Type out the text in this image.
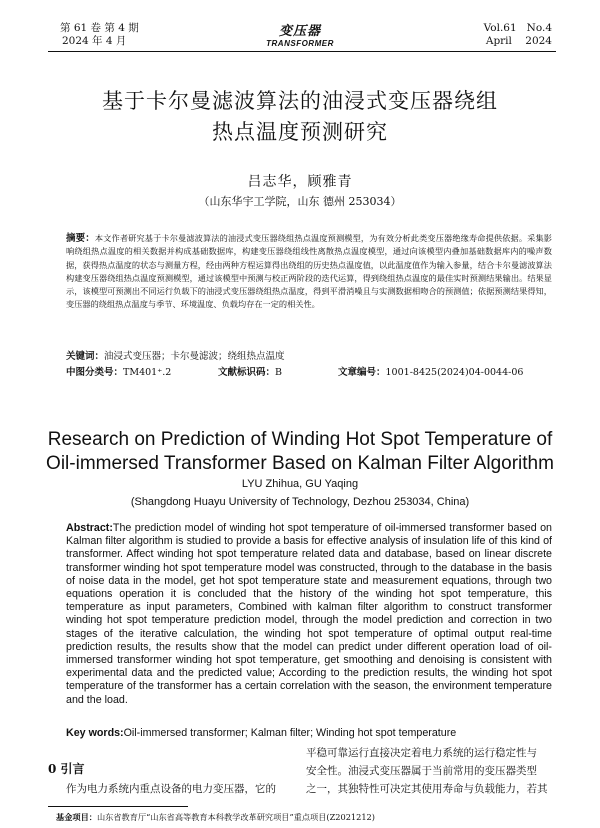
第 61 卷 第 4 期
2024 年 4 月
变压器
TRANSFORMER
Vol.61 No.4
April 2024
基于卡尔曼滤波算法的油浸式变压器绕组
热点温度预测研究
吕志华，顾雅青
（山东华宇工学院，山东 德州 253034）
摘要：本文作者研究基于卡尔曼滤波算法的油浸式变压器绕组热点温度预测模型，为有效分析此类变压器绝缘寿命提供依据。采集影响绕组热点温度的相关数据并构成基础数据库，构建变压器绕组线性离散热点温度模型，通过向该模型内叠加基础数据库内的噪声数据，获得热点温度的状态与测量方程，经由两种方程运算得出绕组的历史热点温度值，以此温度值作为输入参量，结合卡尔曼滤波算法构建变压器绕组热点温度预测模型，通过该模型中预测与校正两阶段的迭代运算，得到绕组热点温度的最佳实时预测结果输出。结果显示，该模型可预测出不同运行负载下的油浸式变压器绕组热点温度，得到平滑消噪且与实测数据相吻合的预测值；依据预测结果得知，变压器的绕组热点温度与季节、环境温度、负载均存在一定的相关性。
关键词：油浸式变压器；卡尔曼滤波；绕组热点温度
中图分类号：TM401⁺.2	文献标识码：B	文章编号：1001-8425(2024)04-0044-06
Research on Prediction of Winding Hot Spot Temperature of
Oil-immersed Transformer Based on Kalman Filter Algorithm
LYU Zhihua, GU Yaqing
(Shangdong Huayu University of Technology, Dezhou 253034, China)
Abstract:The prediction model of winding hot spot temperature of oil-immersed transformer based on Kalman filter algorithm is studied to provide a basis for effective analysis of insulation life of this kind of transformer. Affect winding hot spot temperature related data and database, based on linear discrete transformer winding hot spot temperature model was constructed, through to the database in the basis of noise data in the model, get hot spot temperature state and measurement equations, through two equations operation it is concluded that the history of the winding hot spot temperature, this temperature as input parameters, Combined with kalman filter algorithm to construct transformer winding hot spot temperature prediction model, through the model prediction and correction in two stages of the iterative calculation, the winding hot spot temperature of optimal output real-time prediction results, the results show that the model can predict under different operation load of oil-immersed transformer winding hot spot temperature, get smoothing and denoising is consistent with experimental data and the predicted value; According to the prediction results, the winding hot spot temperature of the transformer has a certain correlation with the season, the environment temperature and the load.
Key words:Oil-immersed transformer; Kalman filter; Winding hot spot temperature
0 引言
作为电力系统内重点设备的电力变压器，它的
平稳可靠运行直接决定着电力系统的运行稳定性与
安全性。油浸式变压器属于当前常用的变压器类型
之一，其独特性可决定其使用寿命与负载能力，若其
基金项目：山东省教育厅“山东省高等教育本科教学改革研究项目”重点项目(Z2021212)
